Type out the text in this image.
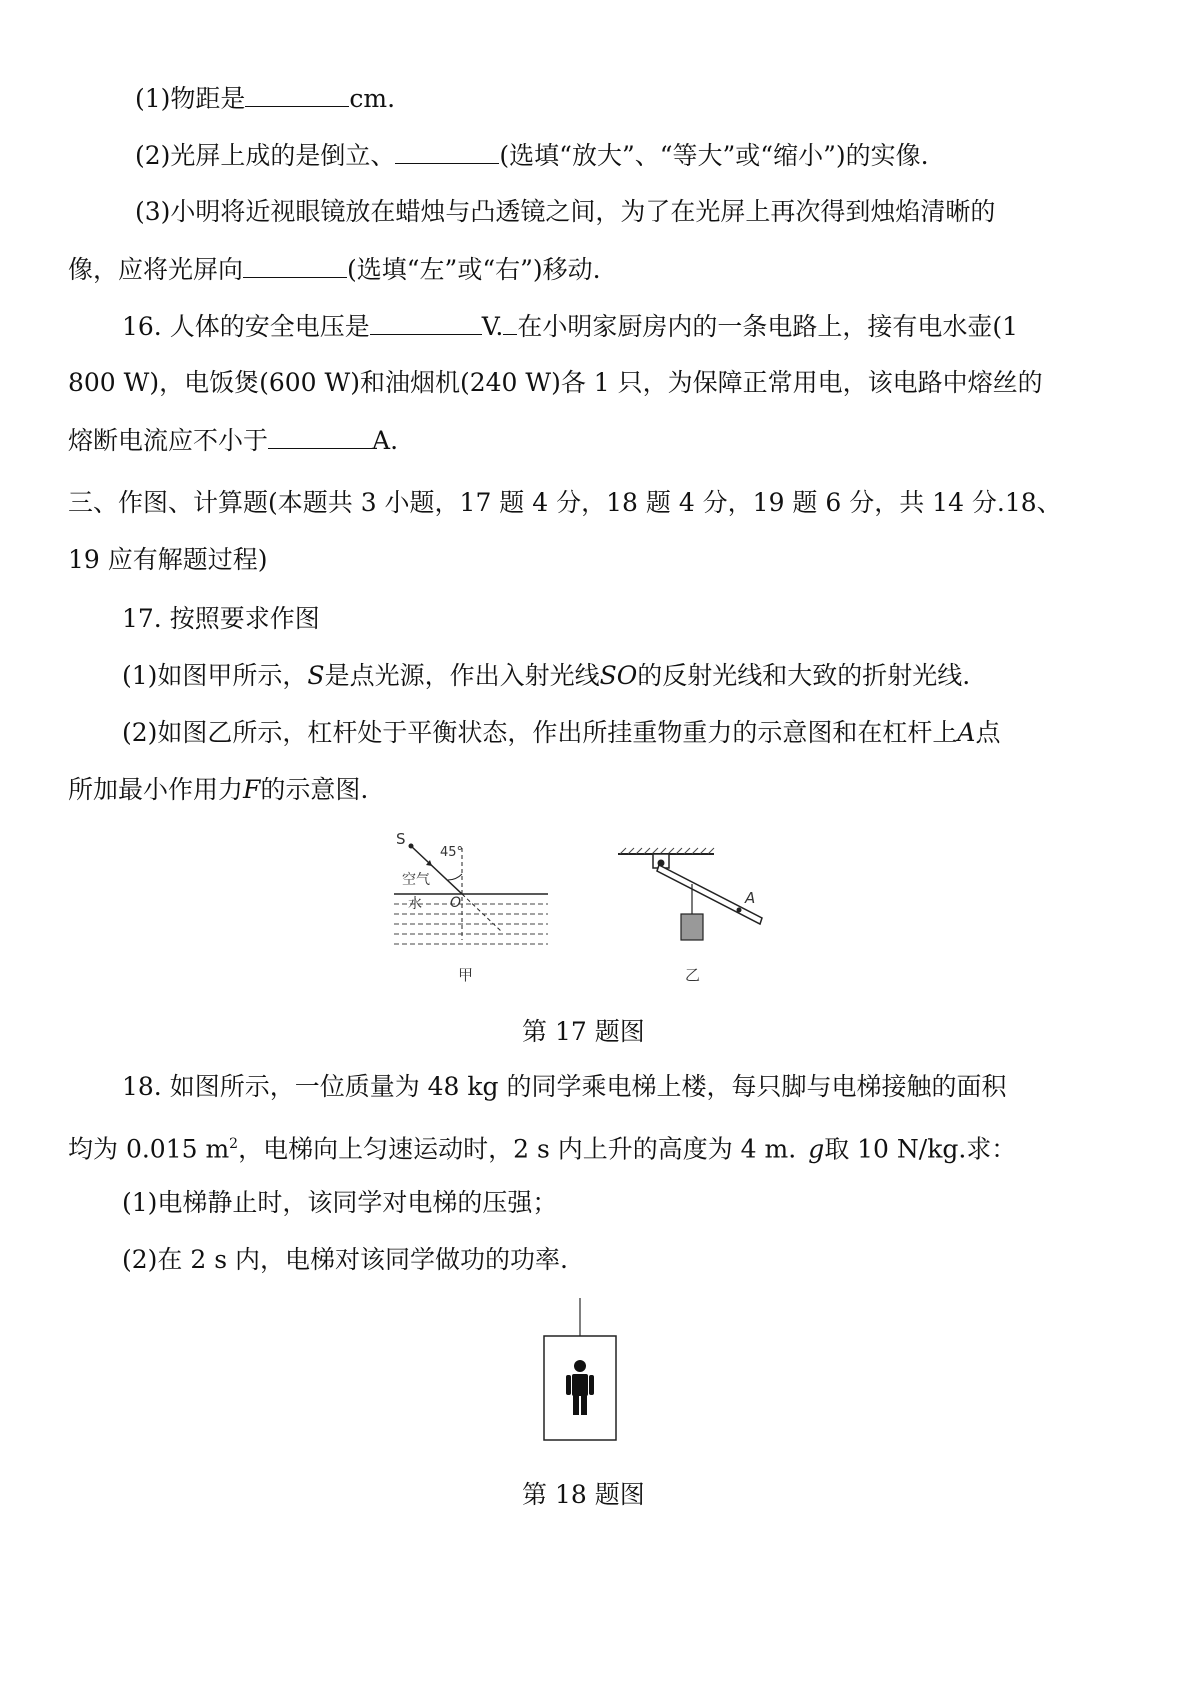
(1)物距是	cm.
(2)光屏上成的是倒立、	(选填“放大”、“等大”或“缩小”)的实像.
(3)小明将近视眼镜放在蜡烛与凸透镜之间，为了在光屏上再次得到烛焰清晰的
像，应将光屏向	(选填“左”或“右”)移动.
16. 人体的安全电压是	V. 在小明家厨房内的一条电路上，接有电水壶(1
800 W)，电饭煲(600 W)和油烟机(240 W)各 1 只，为保障正常用电，该电路中熔丝的
熔断电流应不小于	A.
三、作图、计算题(本题共 3 小题，17 题 4 分，18 题 4 分，19 题 6 分，共 14 分.18、
19 应有解题过程)
17. 按照要求作图
(1)如图甲所示，S是点光源，作出入射光线SO的反射光线和大致的折射光线.
(2)如图乙所示，杠杆处于平衡状态，作出所挂重物重力的示意图和在杠杆上A点
所加最小作用力F的示意图.
S
45°
空气
水 O
甲
A
乙
第 17 题图
18. 如图所示，一位质量为 48 kg 的同学乘电梯上楼，每只脚与电梯接触的面积
均为 0.015 $m^2$，电梯向上匀速运动时，2 s 内上升的高度为 4 m. g取 10 N/kg.求：
(1)电梯静止时，该同学对电梯的压强；
(2)在 2 s 内，电梯对该同学做功的功率.
第 18 题图
